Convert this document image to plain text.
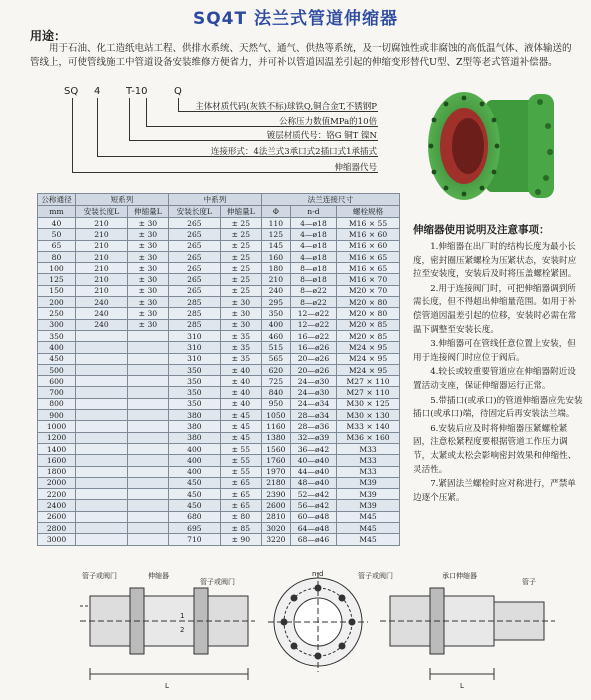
SQ4T 法兰式管道伸缩器
用途：
用于石油、化工造纸电站工程、供排水系统、天然气、通气、供热等系统，及一切腐蚀性或非腐蚀的高低温气体、液体输送的管线上，可使管线施工中管道设备安装维修方便省力，并可补以管道因温差引起的伸缩变形替代U型、Z型等老式管道补偿器。
SQ 4	T-10	Q
主体材质代码(灰铁不标)球铁Q,铜合金T,不锈钢P
公称压力数值MPa的10倍
镀层材质代号：铬G 铜T 镍N
连接形式：4法兰式3承口式2插口式1承插式
伸缩器代号
公称通径	短系列		中系列		法兰连接尺寸		
mm	安装长度L	伸缩量L	安装长度L	伸缩量L	Φ	n-d	螺栓规格
40	210	± 30	265	± 25	110	4—ø18	M16 × 55
50	210	± 30	265	± 25	125	4—ø18	M16 × 60
65	210	± 30	265	± 25	145	4—ø18	M16 × 60
80	210	± 30	265	± 25	160	4—ø18	M16 × 65
100	210	± 30	265	± 25	180	8—ø18	M16 × 65
125	210	± 30	265	± 25	210	8—ø18	M16 × 70
150	210	± 30	265	± 25	240	8—ø22	M20 × 70
200	240	± 30	285	± 30	295	8—ø22	M20 × 80
250	240	± 30	285	± 30	350	12—ø22	M20 × 80
300	240	± 30	285	± 30	400	12—ø22	M20 × 85
350			310	± 35	460	16—ø22	M20 × 85
400			310	± 35	515	16—ø26	M24 × 95
450			310	± 35	565	20—ø26	M24 × 95
500			350	± 40	620	20—ø26	M24 × 95
600			350	± 40	725	24—ø30	M27 × 110
700			350	± 40	840	24—ø30	M27 × 110
800			350	± 40	950	24—ø34	M30 × 125
900			380	± 45	1050	28—ø34	M30 × 130
1000			380	± 45	1160	28—ø36	M33 × 140
1200			380	± 45	1380	32—ø39	M36 × 160
1400			400	± 55	1560	36—ø42	M33
1600			400	± 55	1760	40—ø40	M33
1800			400	± 55	1970	44—ø40	M33
2000			450	± 65	2180	48—ø40	M39
2200			450	± 65	2390	52—ø42	M39
2400			450	± 65	2600	56—ø42	M39
2600			680	± 80	2810	60—ø48	M45
2800			695	± 85	3020	64—ø48	M45
3000			710	± 90	3220	68—ø46	M45
伸缩器使用说明及注意事项：

1.伸缩器在出厂时的结构长度为最小长度，密封圈压紧螺栓为压紧状态，安装时应拉至安装度，安装后及时将压盖螺栓紧固。

2.用于连接阀门时，可把伸缩器调到所需长度，但不得超出伸缩量范围。如用于补偿管道因温差引起的位移，安装时必需在常温下调整至安装长度。

3.伸缩器可在管线任意位置上安装，但用于连接阀门时应位于阀后。

4.较长或较重要管道应在伸缩器附近设置活动支座，保证伸缩器运行正常。

5.带插口(或承口)的管道伸缩器应先安装插口(或承口)端，待固定后再安装法兰端。

6.安装后应及时将伸缩器压紧螺栓紧固，注意松紧程度要根据管道工作压力调节，太紧或太松会影响密封效果和伸缩性、灵活性。

7.紧固法兰螺栓时应对称进行，严禁单边逐个压紧。

管子或阀门	伸缩器
管子或阀门
n-d	管子或阀门	承口伸缩器
管子
1
2
L	L
